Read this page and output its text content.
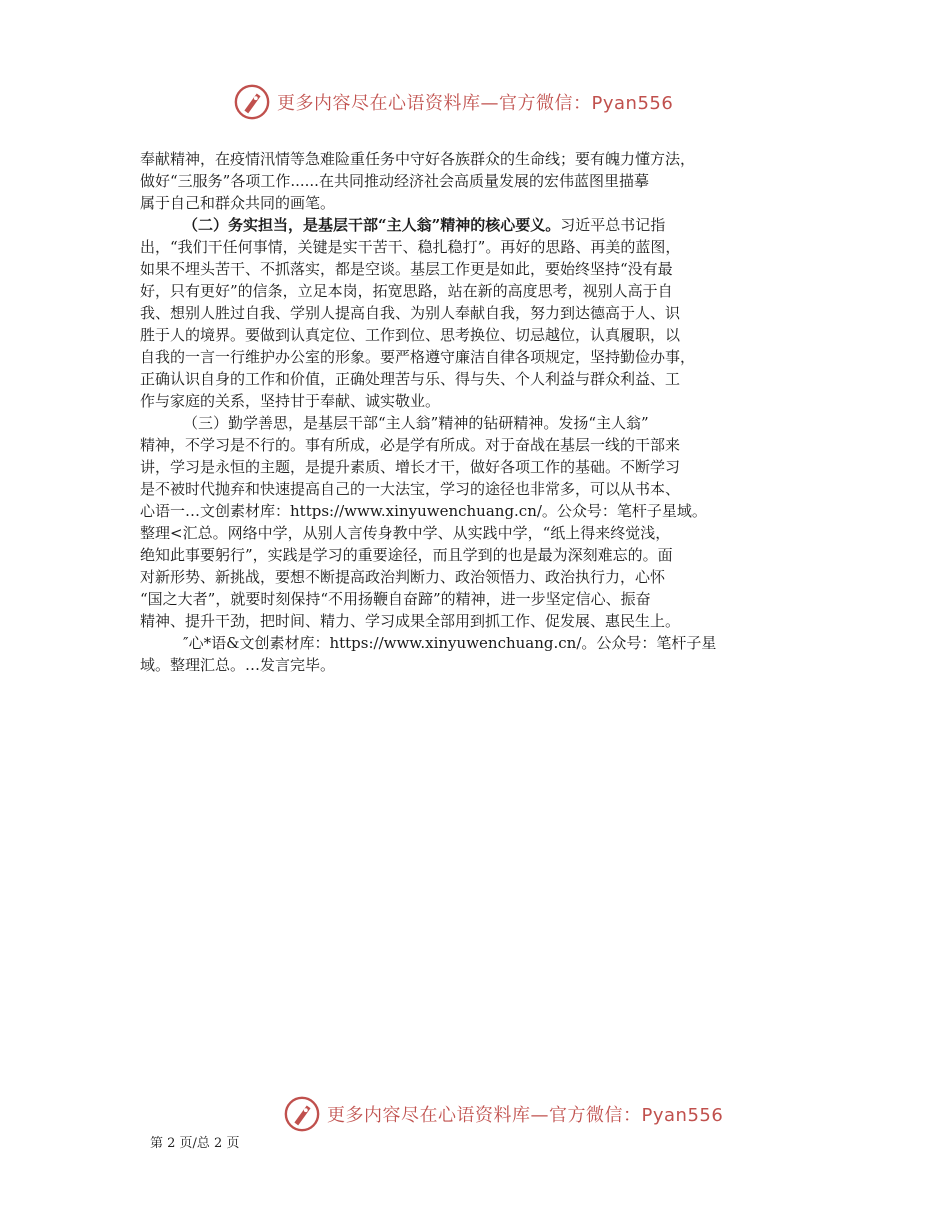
更多内容尽在心语资料库—官方微信：Pyan556
奉献精神，在疫情汛情等急难险重任务中守好各族群众的生命线；要有魄力懂方法，
做好“三服务”各项工作......在共同推动经济社会高质量发展的宏伟蓝图里描摹
属于自己和群众共同的画笔。
（二）务实担当，是基层干部“主人翁”精神的核心要义。习近平总书记指
出，“我们干任何事情，关键是实干苦干、稳扎稳打”。再好的思路、再美的蓝图，
如果不埋头苦干、不抓落实，都是空谈。基层工作更是如此，要始终坚持“没有最
好，只有更好”的信条，立足本岗，拓宽思路，站在新的高度思考，视别人高于自
我、想别人胜过自我、学别人提高自我、为别人奉献自我，努力到达德高于人、识
胜于人的境界。要做到认真定位、工作到位、思考换位、切忌越位，认真履职，以
自我的一言一行维护办公室的形象。要严格遵守廉洁自律各项规定，坚持勤俭办事，
正确认识自身的工作和价值，正确处理苦与乐、得与失、个人利益与群众利益、工
作与家庭的关系，坚持甘于奉献、诚实敬业。
（三）勤学善思，是基层干部“主人翁”精神的钻研精神。发扬“主人翁”
精神，不学习是不行的。事有所成，必是学有所成。对于奋战在基层一线的干部来
讲，学习是永恒的主题，是提升素质、增长才干，做好各项工作的基础。不断学习
是不被时代抛弃和快速提高自己的一大法宝，学习的途径也非常多，可以从书本、
心语一…文创素材库：https://www.xinyuwenchuang.cn/。公众号：笔杆子星域。
整理<汇总。网络中学，从别人言传身教中学、从实践中学，“纸上得来终觉浅，
绝知此事要躬行”，实践是学习的重要途径，而且学到的也是最为深刻难忘的。面
对新形势、新挑战，要想不断提高政治判断力、政治领悟力、政治执行力，心怀
“国之大者”，就要时刻保持“不用扬鞭自奋蹄”的精神，进一步坚定信心、振奋
精神、提升干劲，把时间、精力、学习成果全部用到抓工作、促发展、惠民生上。
″心*语&文创素材库：https://www.xinyuwenchuang.cn/。公众号：笔杆子星
域。整理汇总。…发言完毕。
更多内容尽在心语资料库—官方微信：Pyan556
第 2 页/总 2 页
